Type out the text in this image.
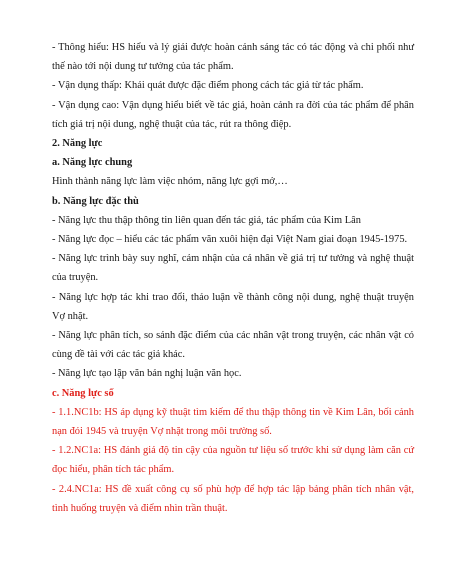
- Thông hiểu: HS hiểu và lý giải được hoàn cảnh sáng tác có tác động và chi phối như thế nào tới nội dung tư tưởng của tác phẩm.

- Vận dụng thấp: Khái quát được đặc điểm phong cách tác giả từ tác phẩm.

- Vận dụng cao: Vận dụng hiểu biết về tác giả, hoàn cảnh ra đời của tác phẩm để phân tích giá trị nội dung, nghệ thuật của tác, rút ra thông điệp.

2. Năng lực

a. Năng lực chung

Hình thành năng lực làm việc nhóm, năng lực gợi mở,…

b. Năng lực đặc thù

- Năng lực thu thập thông tin liên quan đến tác giả, tác phẩm của Kim Lân

- Năng lực đọc – hiểu các tác phẩm văn xuôi hiện đại Việt Nam giai đoạn 1945-1975.

- Năng lực trình bày suy nghĩ, cảm nhận của cá nhân về giá trị tư tưởng và nghệ thuật của truyện.

- Năng lực hợp tác khi trao đổi, thảo luận về thành công nội dung, nghệ thuật truyện Vợ nhặt.

- Năng lực phân tích, so sánh đặc điểm của các nhân vật trong truyện, các nhân vật có cùng đề tài với các tác giả khác.

- Năng lực tạo lập văn bản nghị luận văn học.

c. Năng lực số

- 1.1.NC1b: HS áp dụng kỹ thuật tìm kiếm để thu thập thông tin về Kim Lân, bối cảnh nạn đói 1945 và truyện Vợ nhặt trong môi trường số.

- 1.2.NC1a: HS đánh giá độ tin cậy của nguồn tư liệu số trước khi sử dụng làm căn cứ đọc hiểu, phân tích tác phẩm.

- 2.4.NC1a: HS đề xuất công cụ số phù hợp để hợp tác lập bảng phân tích nhân vật, tình huống truyện và điểm nhìn trần thuật.
